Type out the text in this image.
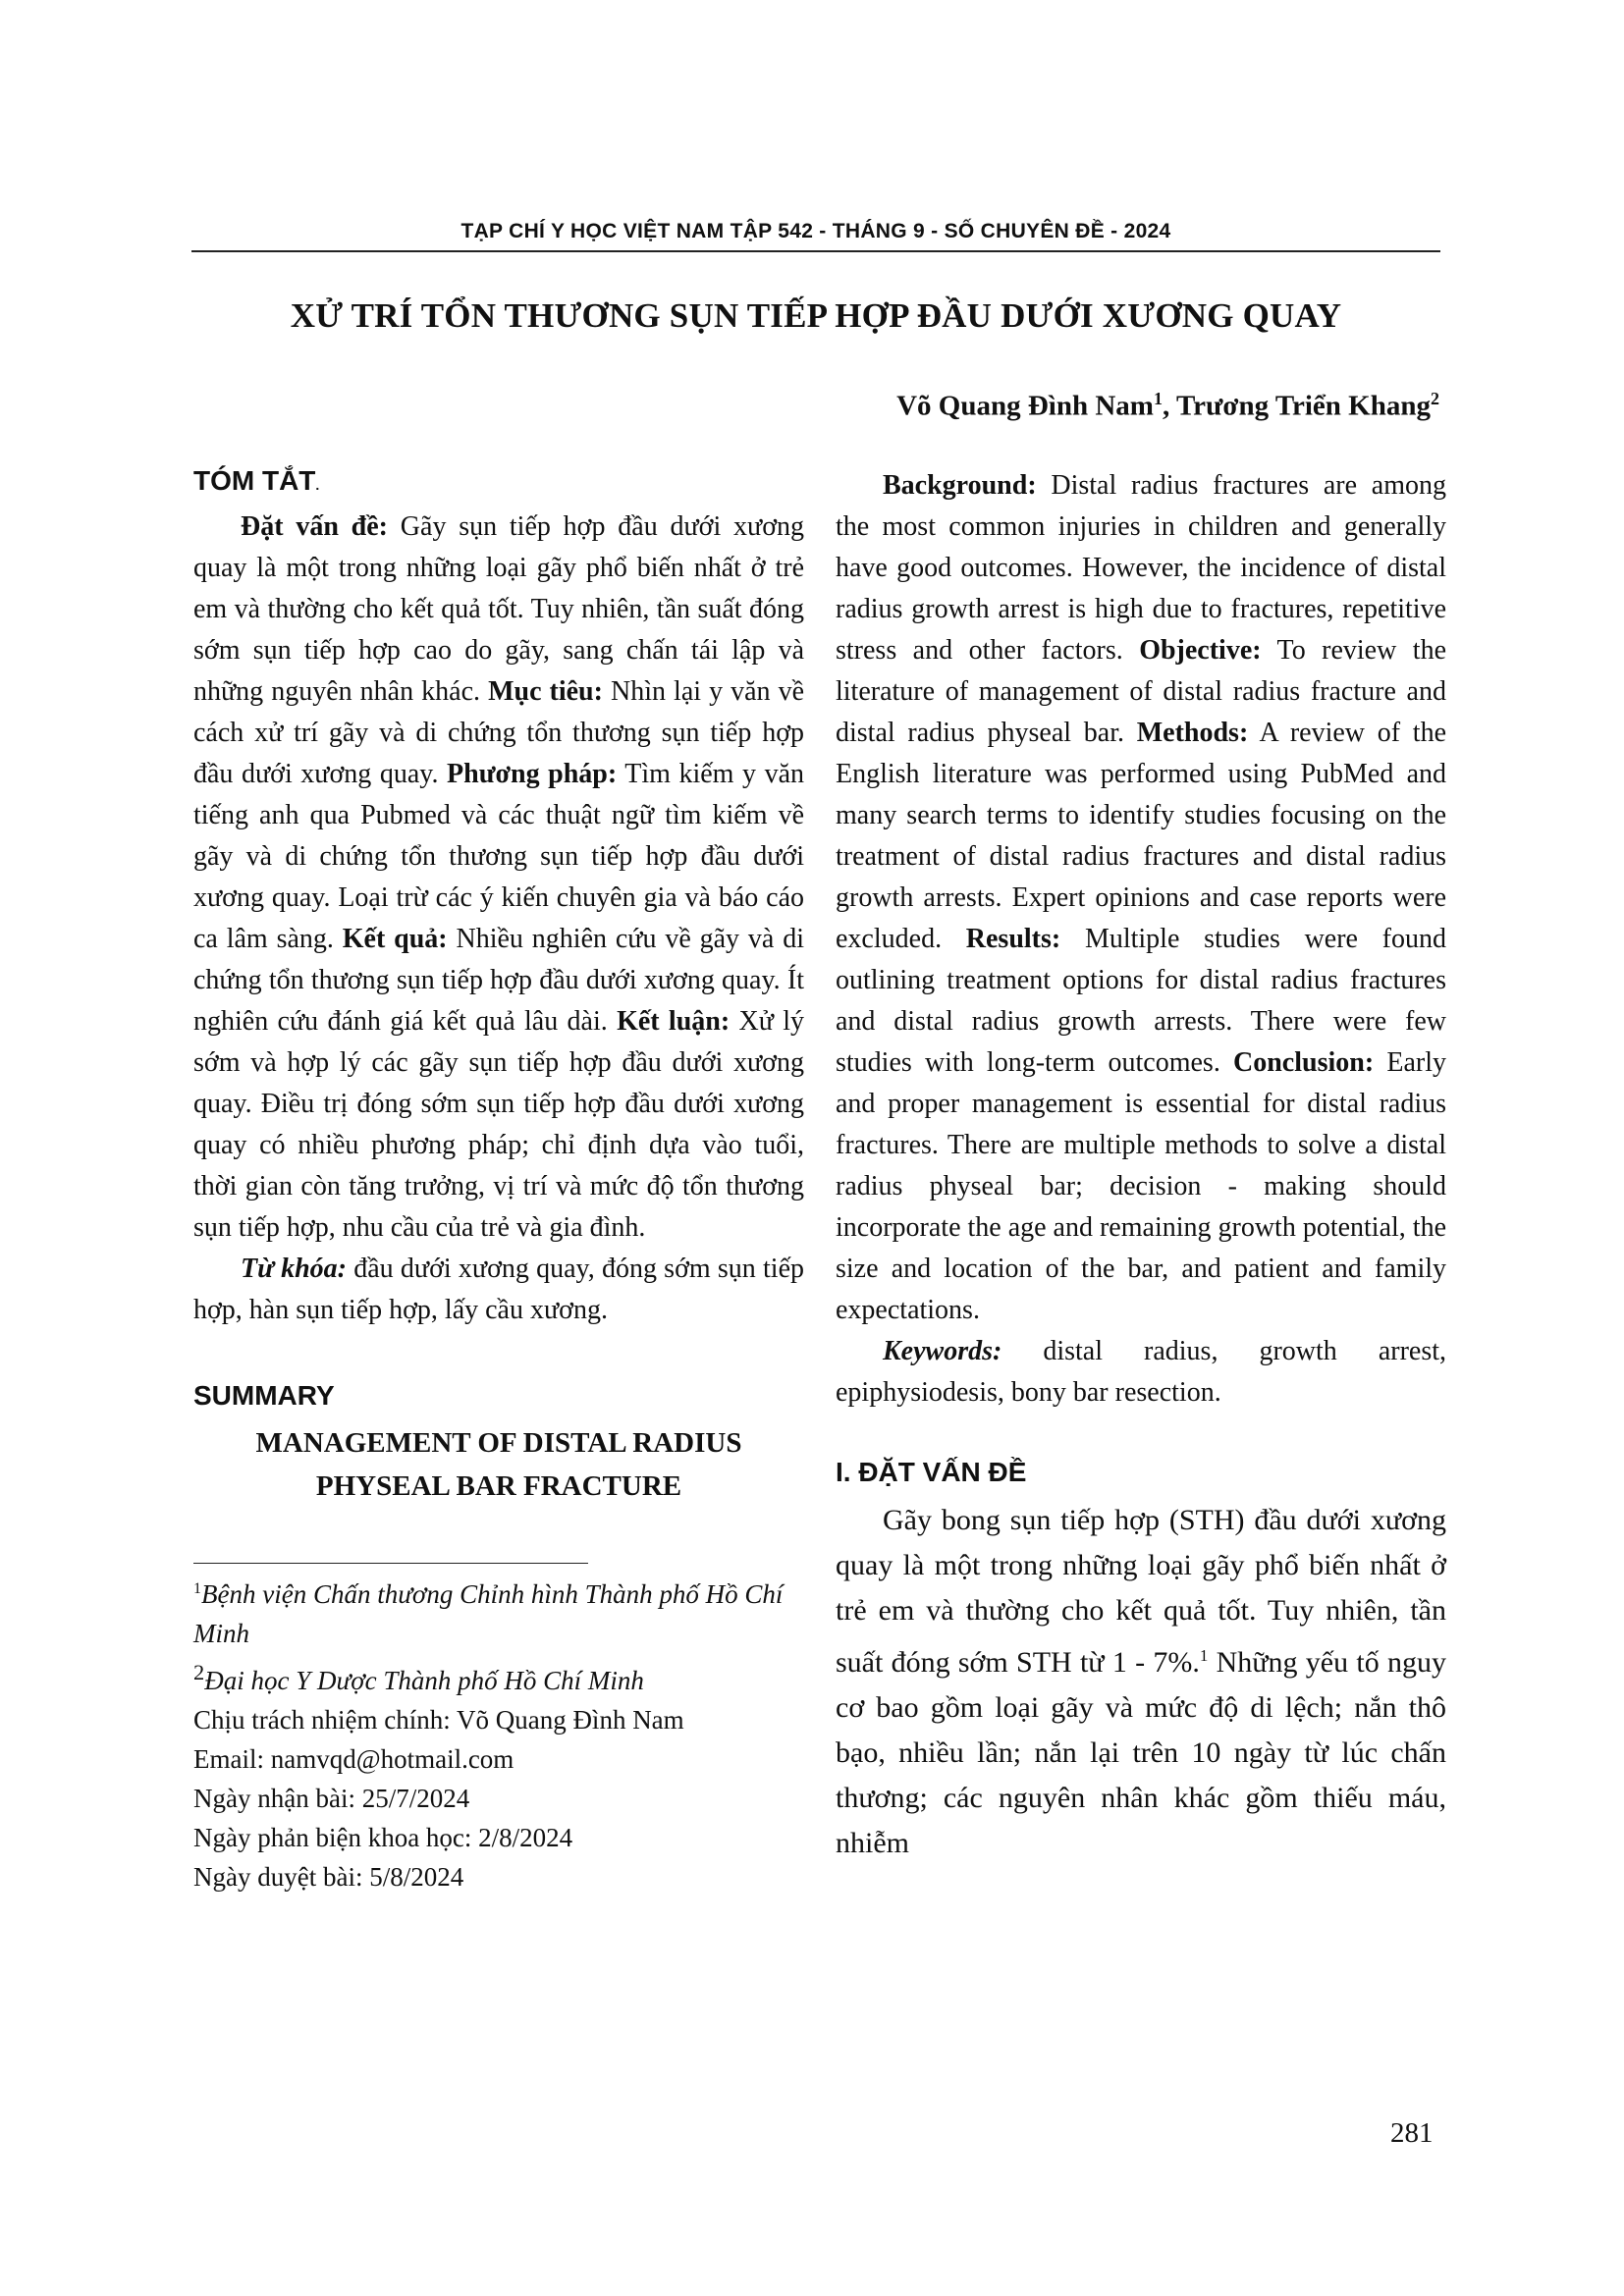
TẠP CHÍ Y HỌC VIỆT NAM TẬP 542 - THÁNG 9 - SỐ CHUYÊN ĐỀ - 2024
XỬ TRÍ TỔN THƯƠNG SỤN TIẾP HỢP ĐẦU DƯỚI XƯƠNG QUAY
Võ Quang Đình Nam$^1$, Trương Triển Khang$^2$
TÓM TẮT.

Đặt vấn đề: Gãy sụn tiếp hợp đầu dưới xương quay là một trong những loại gãy phổ biến nhất ở trẻ em và thường cho kết quả tốt. Tuy nhiên, tần suất đóng sớm sụn tiếp hợp cao do gãy, sang chấn tái lập và những nguyên nhân khác. Mục tiêu: Nhìn lại y văn về cách xử trí gãy và di chứng tổn thương sụn tiếp hợp đầu dưới xương quay. Phương pháp: Tìm kiếm y văn tiếng anh qua Pubmed và các thuật ngữ tìm kiếm về gãy và di chứng tổn thương sụn tiếp hợp đầu dưới xương quay. Loại trừ các ý kiến chuyên gia và báo cáo ca lâm sàng. Kết quả: Nhiều nghiên cứu về gãy và di chứng tổn thương sụn tiếp hợp đầu dưới xương quay. Ít nghiên cứu đánh giá kết quả lâu dài. Kết luận: Xử lý sớm và hợp lý các gãy sụn tiếp hợp đầu dưới xương quay. Điều trị đóng sớm sụn tiếp hợp đầu dưới xương quay có nhiều phương pháp; chỉ định dựa vào tuổi, thời gian còn tăng trưởng, vị trí và mức độ tổn thương sụn tiếp hợp, nhu cầu của trẻ và gia đình.

Từ khóa: đầu dưới xương quay, đóng sớm sụn tiếp hợp, hàn sụn tiếp hợp, lấy cầu xương.

SUMMARY

MANAGEMENT OF DISTAL RADIUS

PHYSEAL BAR FRACTURE

$^1$Bệnh viện Chấn thương Chỉnh hình Thành phố Hồ Chí Minh

$^2$Đại học Y Dược Thành phố Hồ Chí Minh

Chịu trách nhiệm chính: Võ Quang Đình Nam

Email: namvqd@hotmail.com

Ngày nhận bài: 25/7/2024

Ngày phản biện khoa học: 2/8/2024

Ngày duyệt bài: 5/8/2024

Background: Distal radius fractures are among the most common injuries in children and generally have good outcomes. However, the incidence of distal radius growth arrest is high due to fractures, repetitive stress and other factors. Objective: To review the literature of management of distal radius fracture and distal radius physeal bar. Methods: A review of the English literature was performed using PubMed and many search terms to identify studies focusing on the treatment of distal radius fractures and distal radius growth arrests. Expert opinions and case reports were excluded. Results: Multiple studies were found outlining treatment options for distal radius fractures and distal radius growth arrests. There were few studies with long-term outcomes. Conclusion: Early and proper management is essential for distal radius fractures. There are multiple methods to solve a distal radius physeal bar; decision - making should incorporate the age and remaining growth potential, the size and location of the bar, and patient and family expectations.

Keywords: distal radius, growth arrest, epiphysiodesis, bony bar resection.

I. ĐẶT VẤN ĐỀ

Gãy bong sụn tiếp hợp (STH) đầu dưới xương quay là một trong những loại gãy phổ biến nhất ở trẻ em và thường cho kết quả tốt. Tuy nhiên, tần suất đóng sớm STH từ 1 - 7%.$^1$ Những yếu tố nguy cơ bao gồm loại gãy và mức độ di lệch; nắn thô bạo, nhiều lần; nắn lại trên 10 ngày từ lúc chấn thương; các nguyên nhân khác gồm thiếu máu, nhiễm

281
